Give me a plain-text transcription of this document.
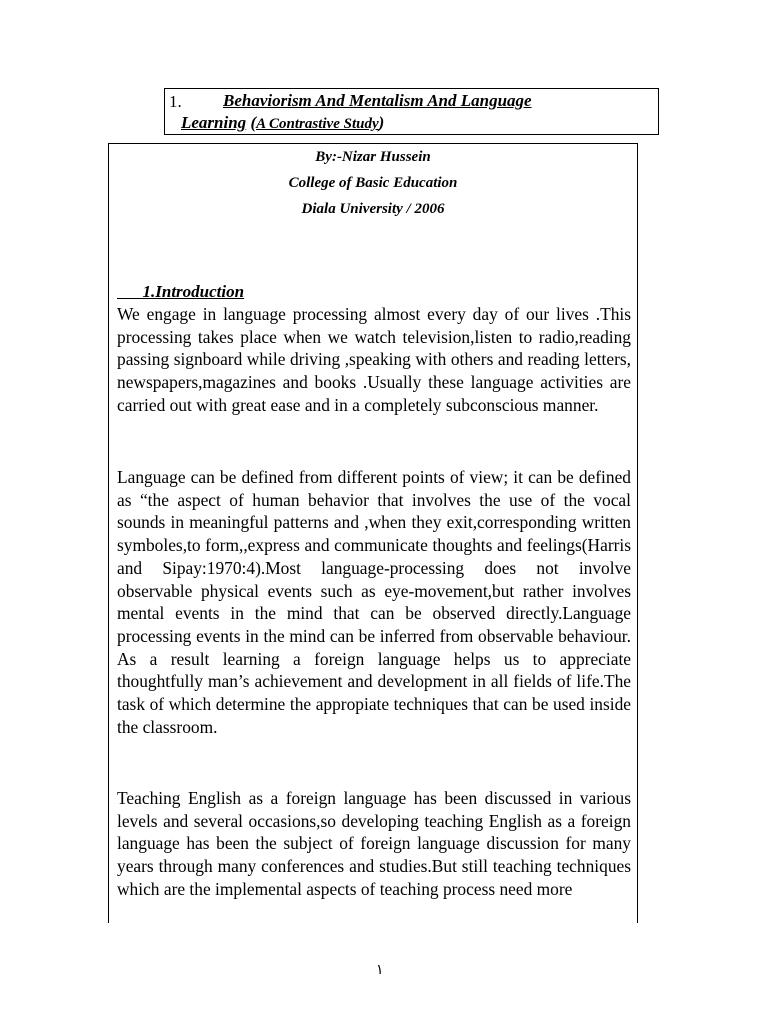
1. Behaviorism And Mentalism And Language
Learning (A Contrastive Study)
By:-Nizar Hussein
College of Basic Education
Diala University / 2006
1.Introduction
We engage in language processing almost every day of our lives .This processing takes place when we watch television,listen to radio,reading passing signboard while driving ,speaking with others and reading letters, newspapers,magazines and books .Usually these language activities are carried out with great ease and in a completely subconscious manner.
Language can be defined from different points of view; it can be defined as “the aspect of human behavior that involves the use of the vocal sounds in meaningful patterns and ,when they exit,corresponding written symboles,to form,,express and communicate thoughts and feelings(Harris and Sipay:1970:4).Most language-processing does not involve observable physical events such as eye-movement,but rather involves mental events in the mind that can be observed directly.Language processing events in the mind can be inferred from observable behaviour. As a result learning a foreign language helps us to appreciate thoughtfully man’s achievement and development in all fields of life.The task of which determine the appropiate techniques that can be used inside the classroom.
Teaching English as a foreign language has been discussed in various levels and several occasions,so developing teaching English as a foreign language has been the subject of foreign language discussion for many years through many conferences and studies.But still teaching techniques which are the implemental aspects of teaching process need more
١
